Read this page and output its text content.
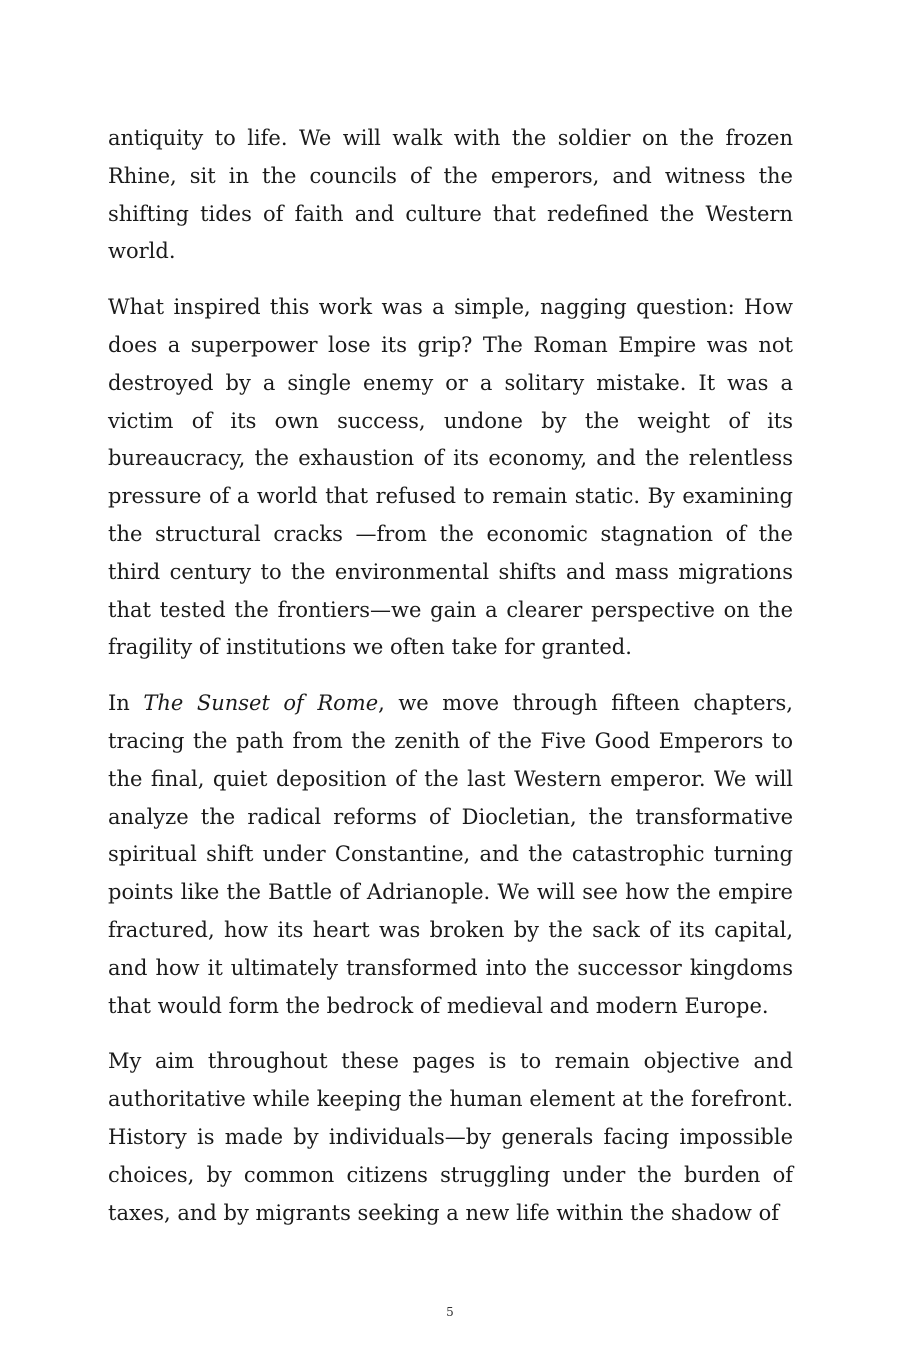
antiquity to life. We will walk with the soldier on the frozen Rhine, sit in the councils of the emperors, and witness the shifting tides of faith and culture that redefined the Western world.

What inspired this work was a simple, nagging question: How does a superpower lose its grip? The Roman Empire was not destroyed by a single enemy or a solitary mistake. It was a victim of its own success, undone by the weight of its bureaucracy, the exhaustion of its economy, and the relentless pressure of a world that refused to remain static. By examining the structural cracks —from the economic stagnation of the third century to the environmental shifts and mass migrations that tested the frontiers—we gain a clearer perspective on the fragility of institutions we often take for granted.

In The Sunset of Rome, we move through fifteen chapters, tracing the path from the zenith of the Five Good Emperors to the final, quiet deposition of the last Western emperor. We will analyze the radical reforms of Diocletian, the transformative spiritual shift under Constantine, and the catastrophic turning points like the Battle of Adrianople. We will see how the empire fractured, how its heart was broken by the sack of its capital, and how it ultimately transformed into the successor kingdoms that would form the bedrock of medieval and modern Europe.

My aim throughout these pages is to remain objective and authoritative while keeping the human element at the forefront. History is made by individuals—by generals facing impossible choices, by common citizens struggling under the burden of taxes, and by migrants seeking a new life within the shadow of

5
